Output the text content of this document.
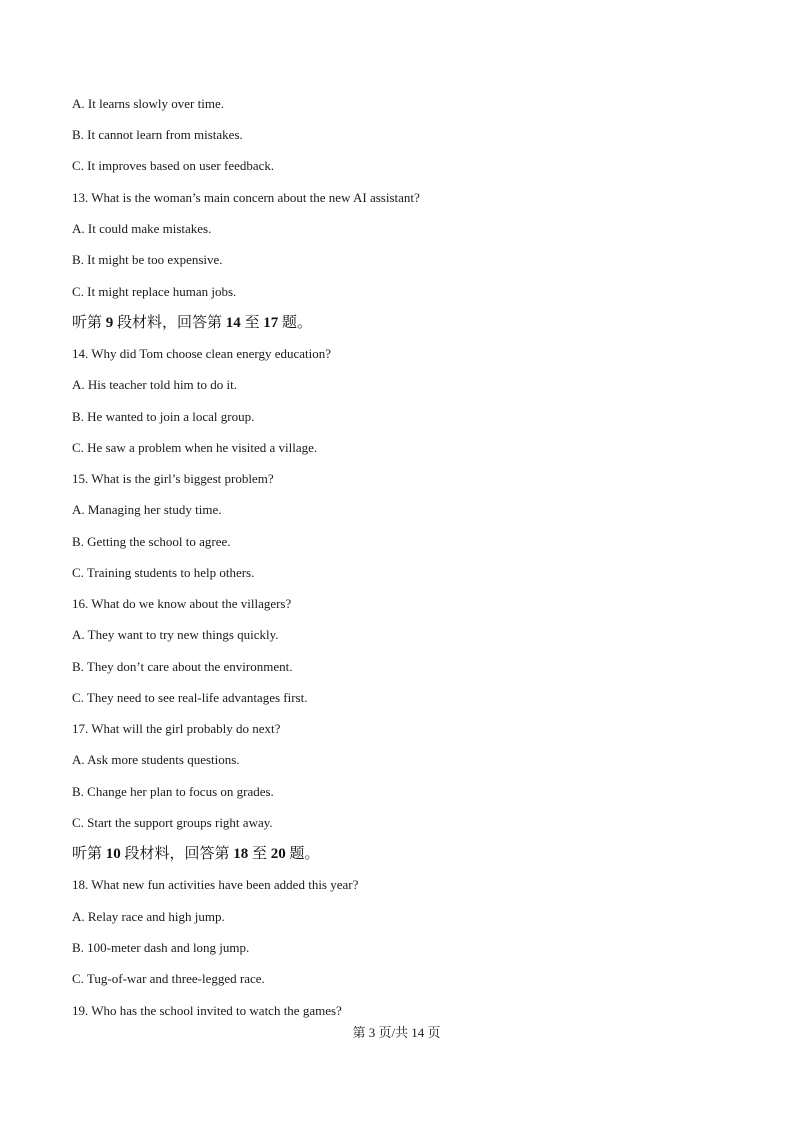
A. It learns slowly over time.
B. It cannot learn from mistakes.
C. It improves based on user feedback.
13. What is the woman’s main concern about the new AI assistant?
A. It could make mistakes.
B. It might be too expensive.
C. It might replace human jobs.
听第 9 段材料，回答第 14 至 17 题。
14. Why did Tom choose clean energy education?
A. His teacher told him to do it.
B. He wanted to join a local group.
C. He saw a problem when he visited a village.
15. What is the girl’s biggest problem?
A. Managing her study time.
B. Getting the school to agree.
C. Training students to help others.
16. What do we know about the villagers?
A. They want to try new things quickly.
B. They don’t care about the environment.
C. They need to see real-life advantages first.
17. What will the girl probably do next?
A. Ask more students questions.
B. Change her plan to focus on grades.
C. Start the support groups right away.
听第 10 段材料，回答第 18 至 20 题。
18. What new fun activities have been added this year?
A. Relay race and high jump.
B. 100-meter dash and long jump.
C. Tug-of-war and three-legged race.
19. Who has the school invited to watch the games?
第 3 页/共 14 页
